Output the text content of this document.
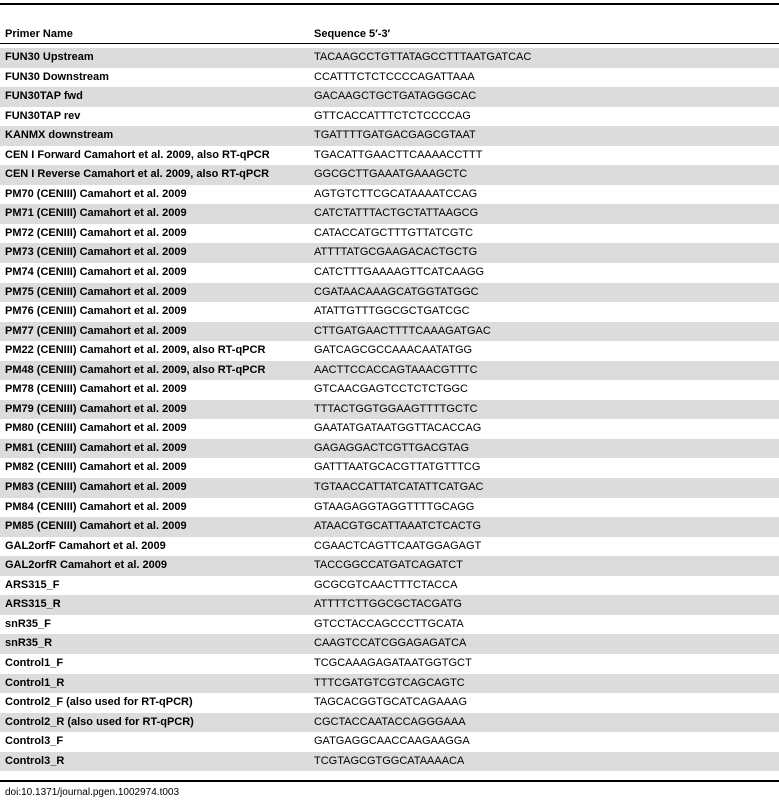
Primer Name	Sequence 5′-3′
FUN30 Upstream	TACAAGCCTGTTATAGCCTTTAATGATCAC
FUN30 Downstream	CCATTTCTCTCCCCAGATTAAA
FUN30TAP fwd	GACAAGCTGCTGATAGGGCAC
FUN30TAP rev	GTTCACCATTTCTCTCCCCAG
KANMX downstream	TGATTTTGATGACGAGCGTAAT
CEN I Forward Camahort et al. 2009, also RT-qPCR	TGACATTGAACTTCAAAACCTTT
CEN I Reverse Camahort et al. 2009, also RT-qPCR	GGCGCTTGAAATGAAAGCTC
PM70 (CENIII) Camahort et al. 2009	AGTGTCTTCGCATAAAATCCAG
PM71 (CENIII) Camahort et al. 2009	CATCTATTTACTGCTATTAAGCG
PM72 (CENIII) Camahort et al. 2009	CATACCATGCTTTGTTATCGTC
PM73 (CENIII) Camahort et al. 2009	ATTTTATGCGAAGACACTGCTG
PM74 (CENIII) Camahort et al. 2009	CATCTTTGAAAAGTTCATCAAGG
PM75 (CENIII) Camahort et al. 2009	CGATAACAAAGCATGGTATGGC
PM76 (CENIII) Camahort et al. 2009	ATATTGTTTGGCGCTGATCGC
PM77 (CENIII) Camahort et al. 2009	CTTGATGAACTTTTCAAAGATGAC
PM22 (CENIII) Camahort et al. 2009, also RT-qPCR	GATCAGCGCCAAACAATATGG
PM48 (CENIII) Camahort et al. 2009, also RT-qPCR	AACTTCCACCAGTAAACGTTTC
PM78 (CENIII) Camahort et al. 2009	GTCAACGAGTCCTCTCTGGC
PM79 (CENIII) Camahort et al. 2009	TTTACTGGTGGAAGTTTTGCTC
PM80 (CENIII) Camahort et al. 2009	GAATATGATAATGGTTACACCAG
PM81 (CENIII) Camahort et al. 2009	GAGAGGACTCGTTGACGTAG
PM82 (CENIII) Camahort et al. 2009	GATTTAATGCACGTTATGTTTCG
PM83 (CENIII) Camahort et al. 2009	TGTAACCATTATCATATTCATGAC
PM84 (CENIII) Camahort et al. 2009	GTAAGAGGTAGGTTTTGCAGG
PM85 (CENIII) Camahort et al. 2009	ATAACGTGCATTAAATCTCACTG
GAL2orfF Camahort et al. 2009	CGAACTCAGTTCAATGGAGAGT
GAL2orfR Camahort et al. 2009	TACCGGCCATGATCAGATCT
ARS315_F	GCGCGTCAACTTTCTACCA
ARS315_R	ATTTTCTTGGCGCTACGATG
snR35_F	GTCCTACCAGCCCTTGCATA
snR35_R	CAAGTCCATCGGAGAGATCA
Control1_F	TCGCAAAGAGATAATGGTGCT
Control1_R	TTTCGATGTCGTCAGCAGTC
Control2_F (also used for RT-qPCR)	TAGCACGGTGCATCAGAAAG
Control2_R (also used for RT-qPCR)	CGCTACCAATACCAGGGAAA
Control3_F	GATGAGGCAACCAAGAAGGA
Control3_R	TCGTAGCGTGGCATAAAACA
doi:10.1371/journal.pgen.1002974.t003
